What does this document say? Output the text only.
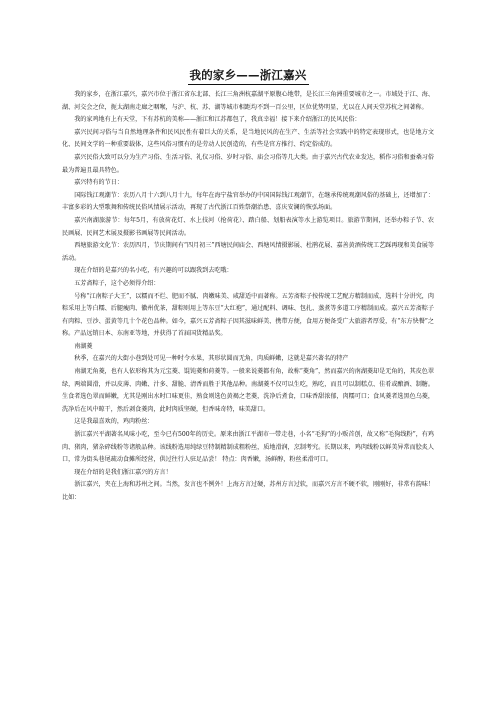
我的家乡——浙江嘉兴

我的家乡，在浙江嘉兴，嘉兴市位于浙江省东北部、长江三角洲杭嘉湖平原腹心地带，是长江三角洲重要城市之一。市域处于江、海、湖、河交会之位，扼太湖南走廊之咽喉，与沪、杭、苏、湖等城市相距均不到一百公里，区位优势明显，尤以在人间天堂苏杭之间著称。

我的家鸡地有上有天堂，下有苏杭的美称——浙江和江苏都包了，我真幸福！接下来介绍浙江的民风民俗：

嘉兴民间习俗与当自然地理条件和民风民性有着巨大的关系，是当地民风的在生产、生活等社会实践中的特定表现形式，也是地方文化、民间文学的一种重要载体，这些风俗习惯有的是劳动人民创造的，有些是官方推行、约定俗成的。

嘉兴民俗大致可以分为生产习俗、生活习俗、礼仪习俗、岁时习俗、庙会习俗等几大类。由于嘉兴古代农业发达，稻作习俗和蚕桑习俗最为普遍且最具特色。

嘉兴特有的节日：

国际钱江观潮节：农历八月十六到八月十九，每年在海宁盐官举办的中国国际钱江观潮节，在继承传统观潮风俗的基础上，还增加了：丰富多彩的大型歌舞和传统民俗风情展示活动，再现了古代浙江百姓祭潮治患、喜庆安澜的恢弘场面。

嘉兴南湖旅游节：每年5月，有放荷花灯、水上技河（抢荷花）、踏白船、划船表演等水上游览项目。旅游节期间，还举办粽子节、农民画展、民间艺术展及摄影书画展等民间活动。

西塘旅游文化节：农历四月，节庆期间有“四月初三”西塘民间庙会、西塘风情摄影展、杜鹃花展、嘉善黄酒传统工艺踩再现和美食展等活动。

现在介绍的是嘉兴的名小吃，有兴趣的可以跟我到去吃哦：

五芳斋粽子，这个必须得介绍：

号称“江南粽子大王”，以糯而不烂、肥而不腻、肉嫩味美、咸甜适中而著称。五芳斋粽子按传统工艺配方精制而成，选料十分讲究，肉粽采用上等白糯、后腿瘦肉、徽州优茶，甜粽则用上等东豆“大红袍”，通过配料、调味、包扎、蒸煮等多道工序精制而成。嘉兴五芳斋粽子有肉粽、豆沙、蛋黄等几十个花色品种。如今，嘉兴五芳斋粽子因其滋味鲜美、携带方便，食用方便备受广大旅游者厚爱，有“东方快餐”之称。产品远销日本、东南亚等地，并获得了首届国货精品奖。

南湖菱

秋季，在嘉兴的大街小巷到处可见一种时令水果，其形状圆而无角，肉质鲜嫩，这就是嘉兴著名的特产

南湖无角菱，也有人依形称其为元宝菱、馄饨菱和荷菱等。一般来说菱都有角，故称“菱角”，然而嘉兴的南湖菱却是无角的，其皮色翠绿，两端圆滑，并以皮薄、肉嫩、汁多、甜脆、清香而胜于其他品种。南湖菱不仅可以生吃，熟吃，而且可以制糕点、佳肴或酿酒、制糖。生食者选色翠而鲜嫩，尤其是刚出水时口味更佳，熟食则选色黄褐之老菱，洗净后煮食，口味香甜浓郁，肉糯可口；食风菱者选黑色乌菱，洗净后在风中晾干，然后剥食菱肉，此时肉质坚硬，但香味奇特，味美甜口。

这是我最喜欢的，鸡肉粉丝：

浙江嘉兴平湖著名风味小吃，至今已有500年的历史。原来由浙江平湖市一带走巷，小名“毛狗”的小贩首创，故又称“毛狗线粉”，有鸡肉、猪肉，猪杂碎线粉等诸般品种。该线粉选用纯绿豆特制精制成粗粉丝，质地滑润，烹制考究。长期以来，鸡肉线粉以鲜美异常而脍炙人口，常为街头巷尾疏动食摊所经营，供过往行人驻足品尝！ 特点：肉香嫩，汤鲜醇，粉丝柔滑可口。

现在介绍的是我们浙江嘉兴的方言！

浙江嘉兴，夹在上海和苏州之间。当然，发言也不例外！上海方言过硬，苏州方言过软，而嘉兴方言不硬不软，刚刚好，非常有韵味！比如：
